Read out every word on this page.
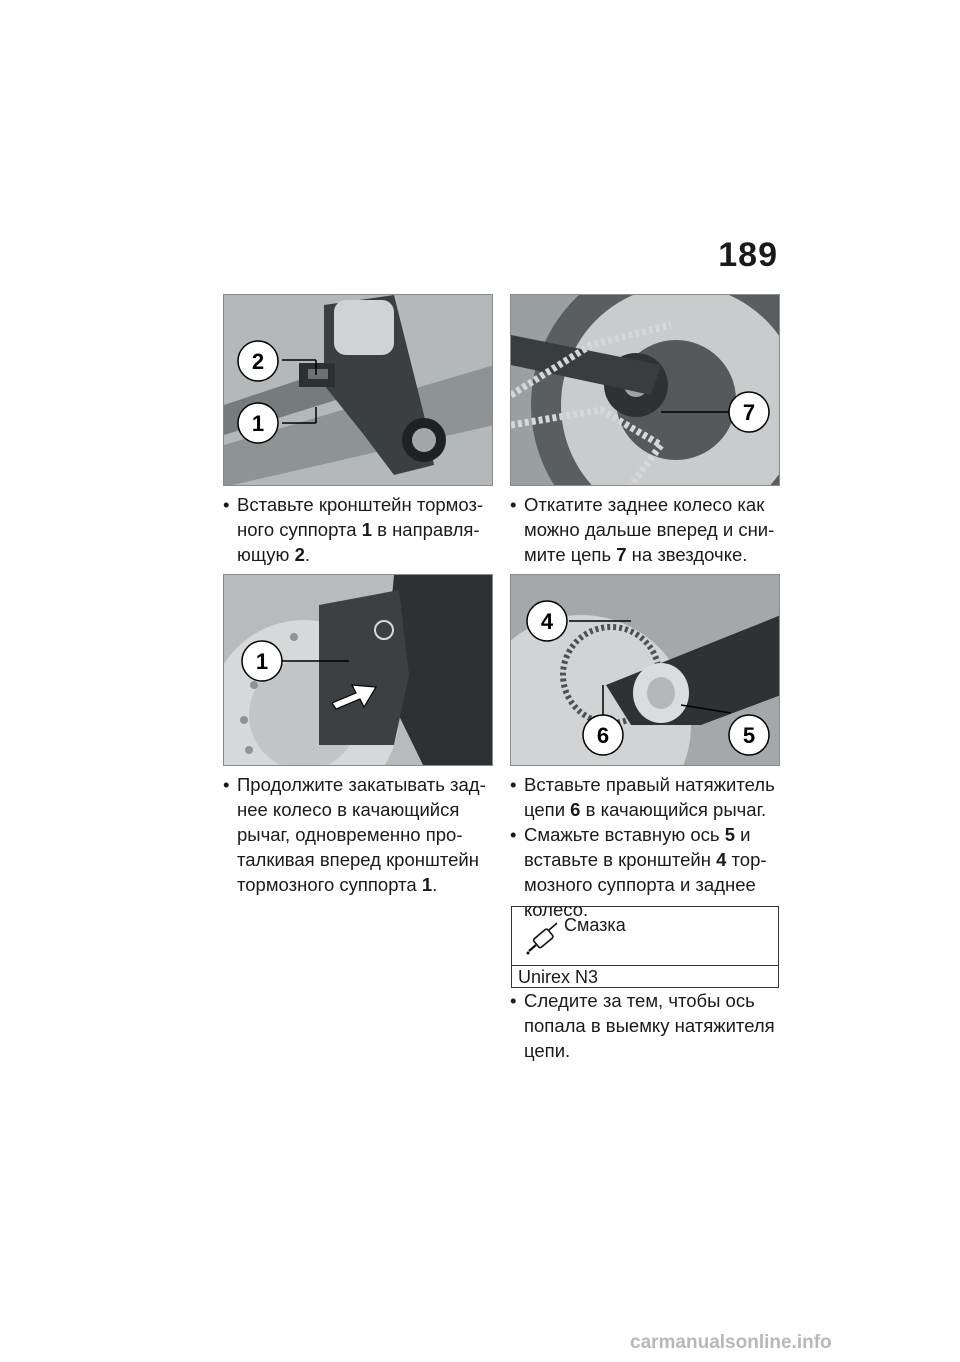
189
2
1	7
1
4
6	5

• Вставьте кронштейн тормозного суппорта 1 в направляющую 2.

• Откатите заднее колесо как можно дальше вперед и снимите цепь 7 на звездочке.

• Продолжите закатывать заднее колесо в качающийся рычаг, одновременно проталкивая вперед кронштейн тормозного суппорта 1.

• Вставьте правый натяжитель цепи 6 в качающийся рычаг.

• Смажьте вставную ось 5 и вставьте в кронштейн 4 тормозного суппорта и заднее колесо.

Смазка
Unirex N3

• Следите за тем, чтобы ось попала в выемку натяжителя цепи.

carmanualsonline.info
